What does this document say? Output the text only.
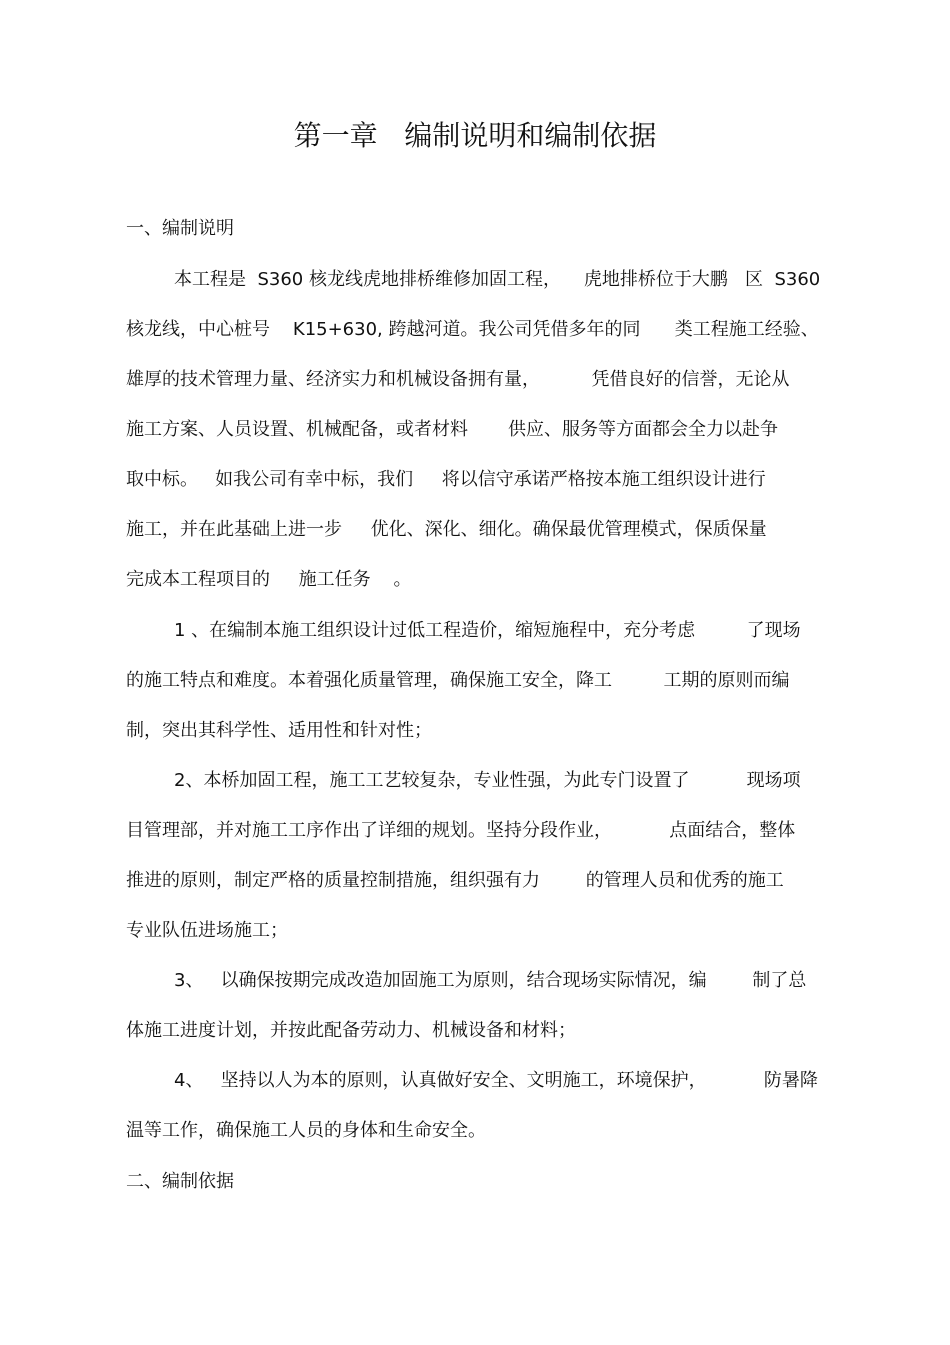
第一章   编制说明和编制依据
一、编制说明
本工程是  S360 核龙线虎地排桥维修加固工程，    虎地排桥位于大鹏   区  S360
核龙线，中心桩号    K15+630, 跨越河道。我公司凭借多年的同      类工程施工经验、
雄厚的技术管理力量、经济实力和机械设备拥有量，         凭借良好的信誉，无论从
施工方案、人员设置、机械配备，或者材料       供应、服务等方面都会全力以赴争
取中标。   如我公司有幸中标，我们     将以信守承诺严格按本施工组织设计进行
施工，并在此基础上进一步     优化、深化、细化。确保最优管理模式，保质保量
完成本工程项目的     施工任务    。
1 、在编制本施工组织设计过低工程造价，缩短施程中，充分考虑         了现场
的施工特点和难度。本着强化质量管理，确保施工安全，降工         工期的原则而编
制，突出其科学性、适用性和针对性；
2、本桥加固工程，施工工艺较复杂，专业性强，为此专门设置了          现场项
目管理部，并对施工工序作出了详细的规划。坚持分段作业，          点面结合，整体
推进的原则，制定严格的质量控制措施，组织强有力        的管理人员和优秀的施工
专业队伍进场施工；
3、   以确保按期完成改造加固施工为原则，结合现场实际情况，编        制了总
体施工进度计划，并按此配备劳动力、机械设备和材料；
4、   坚持以人为本的原则，认真做好安全、文明施工，环境保护，          防暑降
温等工作，确保施工人员的身体和生命安全。
二、编制依据
